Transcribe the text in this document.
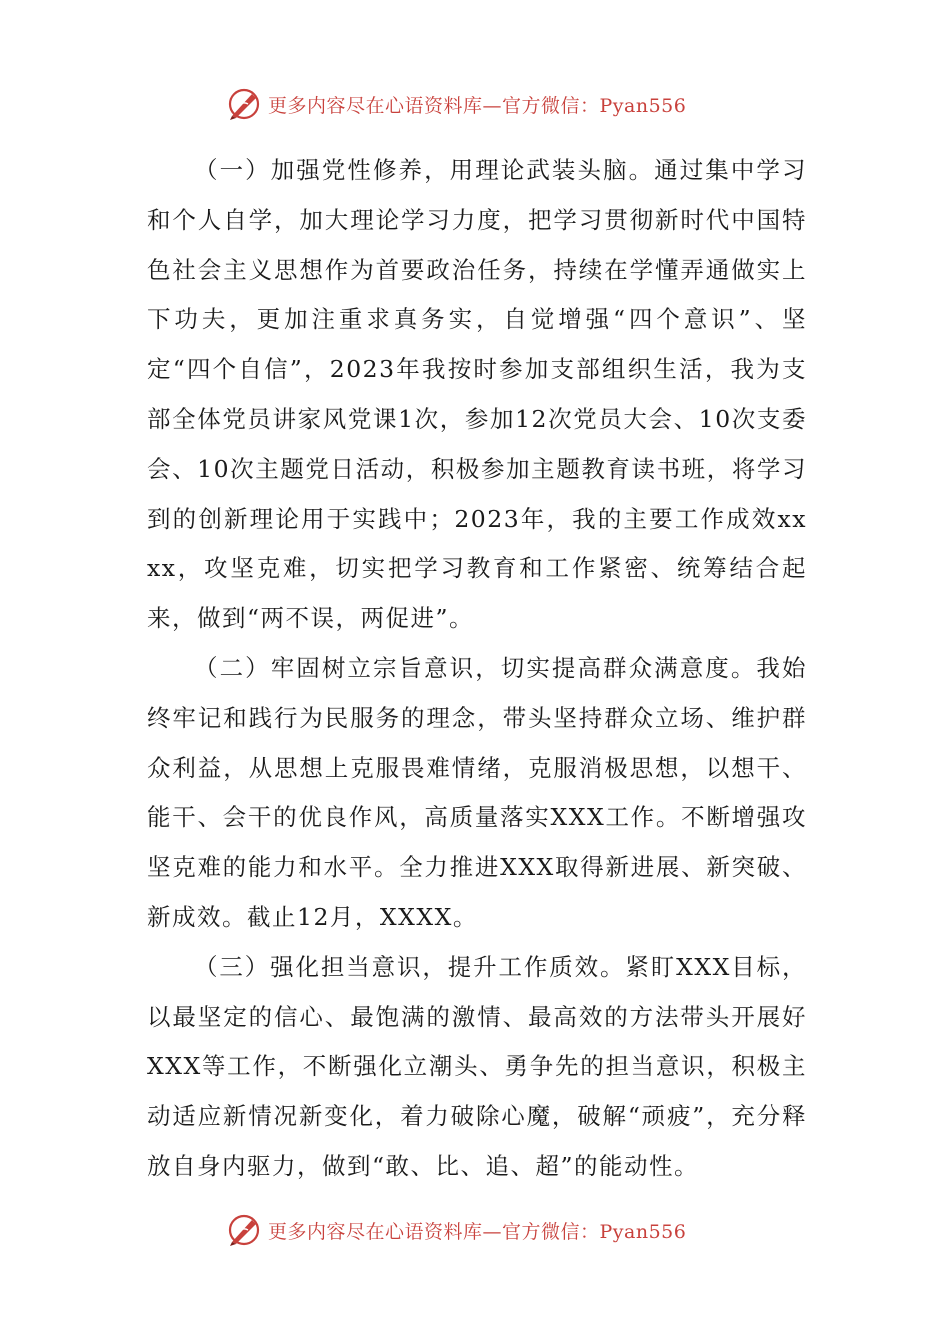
更多内容尽在心语资料库—官方微信：Pyan556

（一）加强党性修养，用理论武装头脑。通过集中学习和个人自学，加大理论学习力度，把学习贯彻新时代中国特色社会主义思想作为首要政治任务，持续在学懂弄通做实上下功夫，更加注重求真务实，自觉增强“四个意识”、坚定“四个自信”，2023年我按时参加支部组织生活，我为支部全体党员讲家风党课1次，参加12次党员大会、10次支委会、10次主题党日活动，积极参加主题教育读书班，将学习到的创新理论用于实践中；2023年，我的主要工作成效xxxx，攻坚克难，切实把学习教育和工作紧密、统筹结合起来，做到“两不误，两促进”。

（二）牢固树立宗旨意识，切实提高群众满意度。我始终牢记和践行为民服务的理念，带头坚持群众立场、维护群众利益，从思想上克服畏难情绪，克服消极思想，以想干、能干、会干的优良作风，高质量落实XXX工作。不断增强攻坚克难的能力和水平。全力推进XXX取得新进展、新突破、新成效。截止12月，XXXX。

（三）强化担当意识，提升工作质效。紧盯XXX目标，以最坚定的信心、最饱满的激情、最高效的方法带头开展好XXX等工作，不断强化立潮头、勇争先的担当意识，积极主动适应新情况新变化，着力破除心魔，破解“顽疲”，充分释放自身内驱力，做到“敢、比、追、超”的能动性。

更多内容尽在心语资料库—官方微信：Pyan556
